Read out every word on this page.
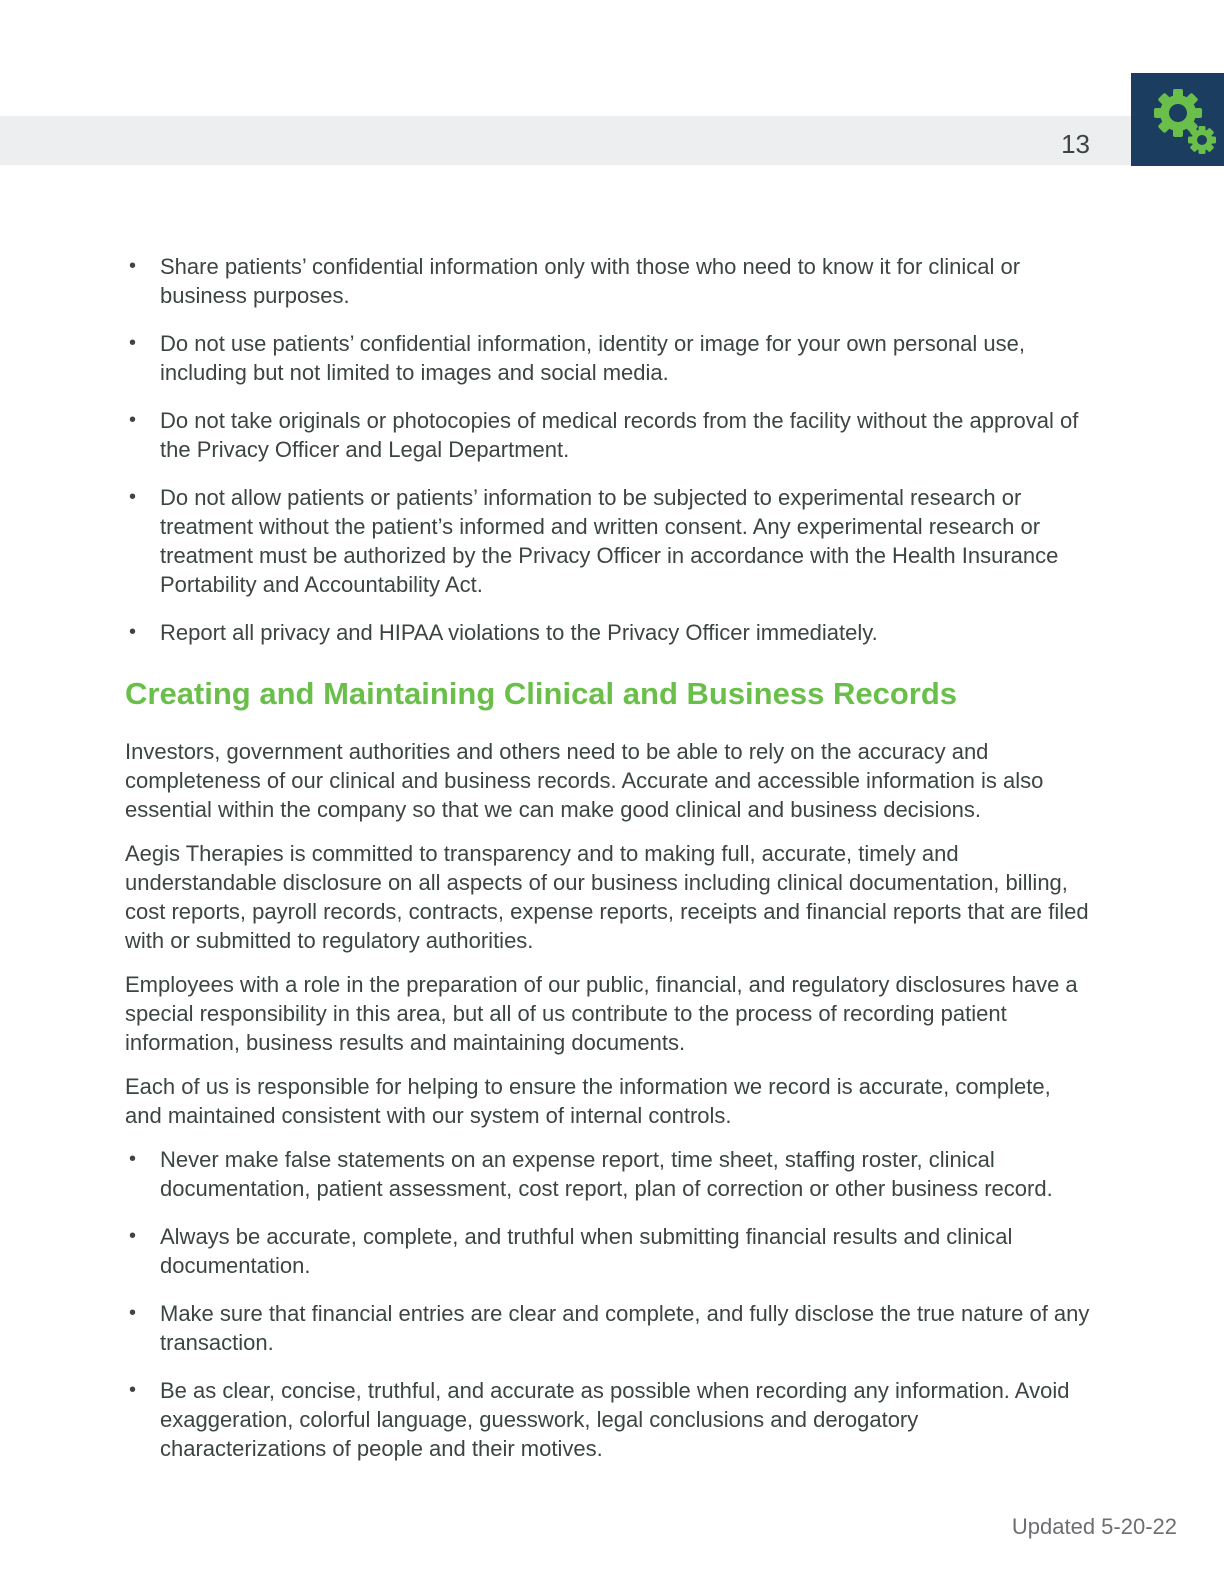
13
• Share patients’ confidential information only with those who need to know it for clinical or business purposes.
• Do not use patients’ confidential information, identity or image for your own personal use, including but not limited to images and social media.
• Do not take originals or photocopies of medical records from the facility without the approval of the Privacy Officer and Legal Department.
• Do not allow patients or patients’ information to be subjected to experimental research or treatment without the patient’s informed and written consent. Any experimental research or treatment must be authorized by the Privacy Officer in accordance with the Health Insurance Portability and Accountability Act.
• Report all privacy and HIPAA violations to the Privacy Officer immediately.
Creating and Maintaining Clinical and Business Records

Investors, government authorities and others need to be able to rely on the accuracy and completeness of our clinical and business records. Accurate and accessible information is also essential within the company so that we can make good clinical and business decisions.

Aegis Therapies is committed to transparency and to making full, accurate, timely and understandable disclosure on all aspects of our business including clinical documentation, billing, cost reports, payroll records, contracts, expense reports, receipts and financial reports that are filed with or submitted to regulatory authorities.

Employees with a role in the preparation of our public, financial, and regulatory disclosures have a special responsibility in this area, but all of us contribute to the process of recording patient information, business results and maintaining documents.

Each of us is responsible for helping to ensure the information we record is accurate, complete, and maintained consistent with our system of internal controls.

• Never make false statements on an expense report, time sheet, staffing roster, clinical documentation, patient assessment, cost report, plan of correction or other business record.
• Always be accurate, complete, and truthful when submitting financial results and clinical documentation.
• Make sure that financial entries are clear and complete, and fully disclose the true nature of any transaction.
• Be as clear, concise, truthful, and accurate as possible when recording any information. Avoid exaggeration, colorful language, guesswork, legal conclusions and derogatory characterizations of people and their motives.
Updated 5-20-22
